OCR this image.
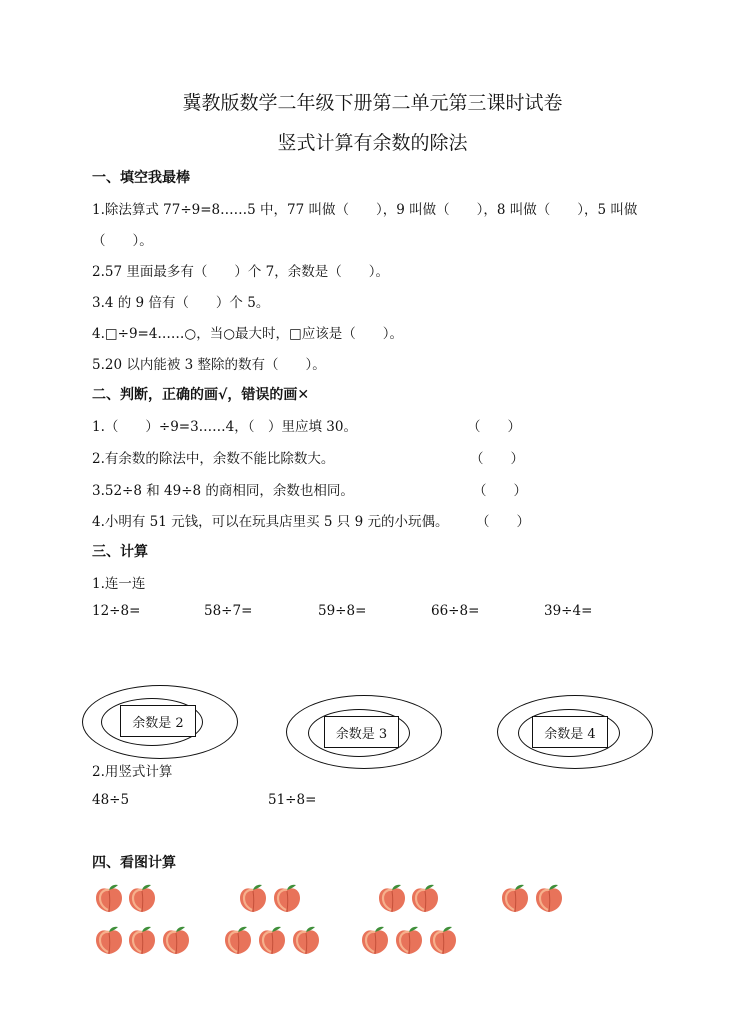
冀教版数学二年级下册第二单元第三课时试卷
竖式计算有余数的除法
一、填空我最棒
1.除法算式 77÷9=8……5 中，77 叫做（　　），9 叫做（　　），8 叫做（　　），5 叫做
（　　）。
2.57 里面最多有（　　）个 7，余数是（　　）。
3.4 的 9 倍有（　　）个 5。
4.□÷9=4……○，当○最大时，□应该是（　　）。
5.20 以内能被 3 整除的数有（　　）。
二、判断，正确的画√，错误的画✕
1.（　　）÷9=3……4，（　）里应填 30。	（　　）
2.有余数的除法中，余数不能比除数大。	（　　）
3.52÷8 和 49÷8 的商相同，余数也相同。	（　　）
4.小明有 51 元钱，可以在玩具店里买 5 只 9 元的小玩偶。 （　　）
三、计算
1.连一连
12÷8=	58÷7=	59÷8=	66÷8=	39÷4=
余数是 2
余数是 3	余数是 4
2.用竖式计算
48÷5	51÷8=
四、看图计算
